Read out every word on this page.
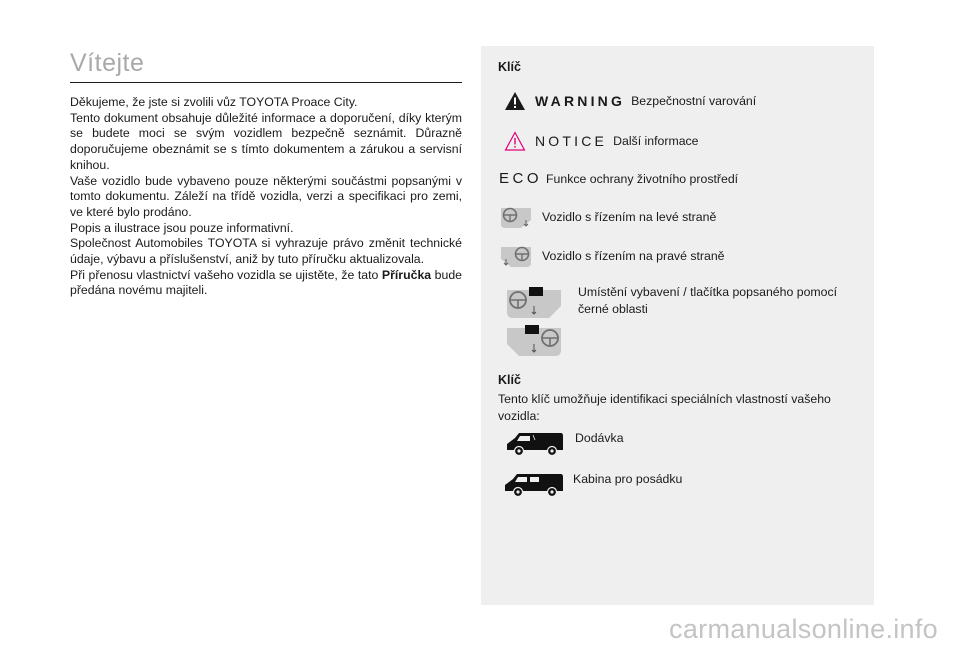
Vítejte

Děkujeme, že jste si zvolili vůz TOYOTA Proace City.
Tento dokument obsahuje důležité informace a doporučení, díky kterým se budete moci se svým vozidlem bezpečně seznámit. Důrazně doporučujeme obeznámit se s tímto dokumentem a zárukou a servisní knihou.
Vaše vozidlo bude vybaveno pouze některými součástmi popsanými v tomto dokumentu. Záleží na třídě vozidla, verzi a specifikaci pro zemi, ve které bylo prodáno.
Popis a ilustrace jsou pouze informativní.
Společnost Automobiles TOYOTA si vyhrazuje právo změnit technické údaje, výbavu a příslušenství, aniž by tuto příručku aktualizovala.
Při přenosu vlastnictví vašeho vozidla se ujistěte, že tato Příručka bude předána novému majiteli.

Klíč
WARNING Bezpečnostní varování
NOTICE Další informace
ECO Funkce ochrany životního prostředí
Vozidlo s řízením na levé straně
Vozidlo s řízením na pravé straně
Umístění vybavení / tlačítka popsaného pomocí černé oblasti
Klíč
Tento klíč umožňuje identifikaci speciálních vlastností vašeho vozidla:
Dodávka
Kabina pro posádku
carmanualsonline.info
